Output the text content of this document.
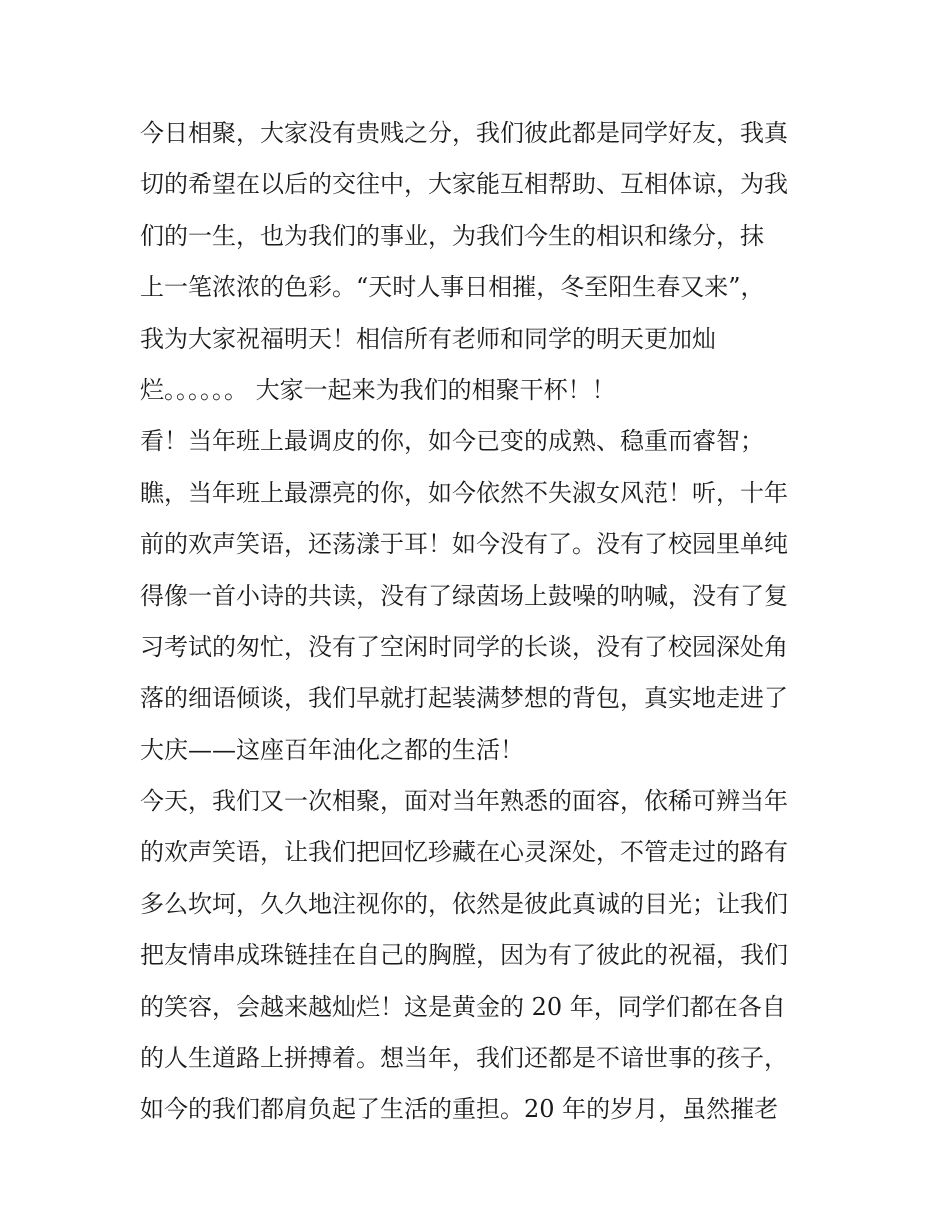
今日相聚，大家没有贵贱之分，我们彼此都是同学好友，我真
切的希望在以后的交往中，大家能互相帮助、互相体谅，为我
们的一生，也为我们的事业，为我们今生的相识和缘分，抹
上一笔浓浓的色彩。“天时人事日相摧，冬至阳生春又来”，
我为大家祝福明天！相信所有老师和同学的明天更加灿
烂。。。。。。 大家一起来为我们的相聚干杯！！
看！当年班上最调皮的你，如今已变的成熟、稳重而睿智；
瞧，当年班上最漂亮的你，如今依然不失淑女风范！听，十年
前的欢声笑语，还荡漾于耳！如今没有了。没有了校园里单纯
得像一首小诗的共读，没有了绿茵场上鼓噪的呐喊，没有了复
习考试的匆忙，没有了空闲时同学的长谈，没有了校园深处角
落的细语倾谈，我们早就打起装满梦想的背包，真实地走进了
大庆——这座百年油化之都的生活！
今天，我们又一次相聚，面对当年熟悉的面容，依稀可辨当年
的欢声笑语，让我们把回忆珍藏在心灵深处，不管走过的路有
多么坎坷，久久地注视你的，依然是彼此真诚的目光；让我们
把友情串成珠链挂在自己的胸膛，因为有了彼此的祝福，我们
的笑容，会越来越灿烂！这是黄金的 20 年，同学们都在各自
的人生道路上拼搏着。想当年，我们还都是不谙世事的孩子，
如今的我们都肩负起了生活的重担。20 年的岁月，虽然摧老
